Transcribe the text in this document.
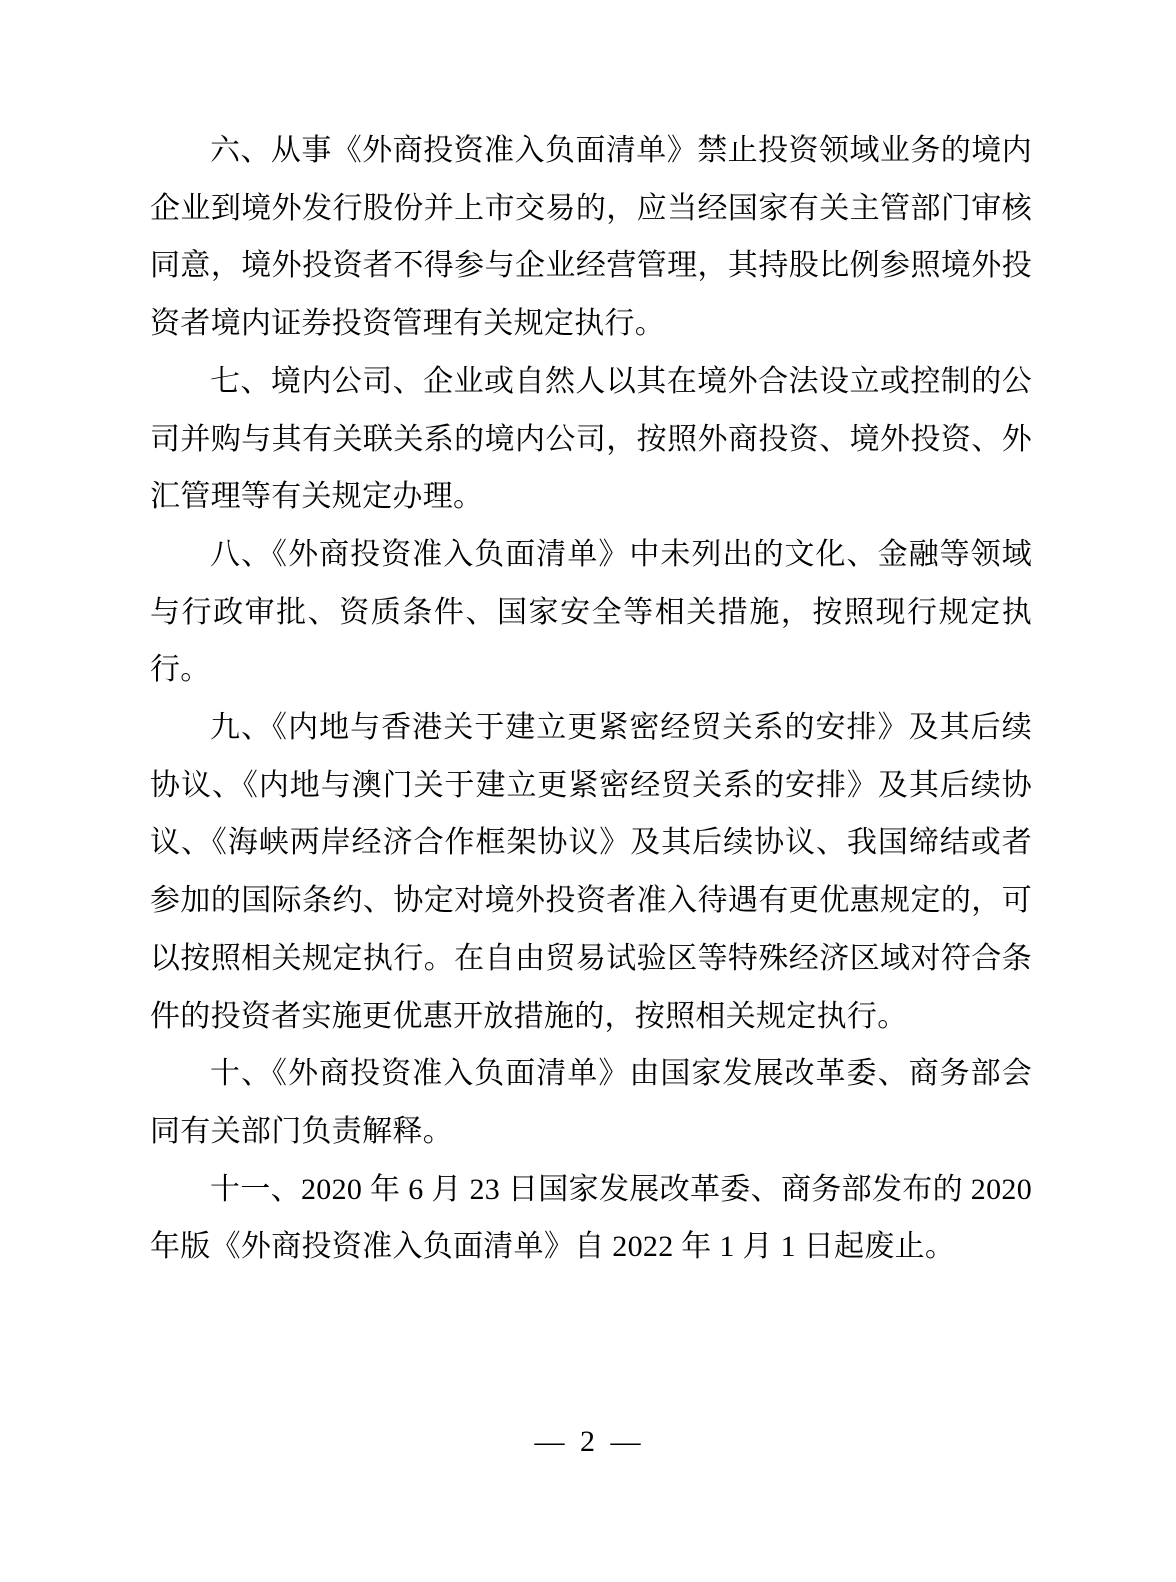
六、从事《外商投资准入负面清单》禁止投资领域业务的境内企业到境外发行股份并上市交易的，应当经国家有关主管部门审核同意，境外投资者不得参与企业经营管理，其持股比例参照境外投资者境内证券投资管理有关规定执行。

七、境内公司、企业或自然人以其在境外合法设立或控制的公司并购与其有关联关系的境内公司，按照外商投资、境外投资、外汇管理等有关规定办理。

八、《外商投资准入负面清单》中未列出的文化、金融等领域与行政审批、资质条件、国家安全等相关措施，按照现行规定执行。

九、《内地与香港关于建立更紧密经贸关系的安排》及其后续协议、《内地与澳门关于建立更紧密经贸关系的安排》及其后续协议、《海峡两岸经济合作框架协议》及其后续协议、我国缔结或者参加的国际条约、协定对境外投资者准入待遇有更优惠规定的，可以按照相关规定执行。在自由贸易试验区等特殊经济区域对符合条件的投资者实施更优惠开放措施的，按照相关规定执行。

十、《外商投资准入负面清单》由国家发展改革委、商务部会同有关部门负责解释。

十一、2020 年 6 月 23 日国家发展改革委、商务部发布的 2020 年版《外商投资准入负面清单》自 2022 年 1 月 1 日起废止。

— 2 —
